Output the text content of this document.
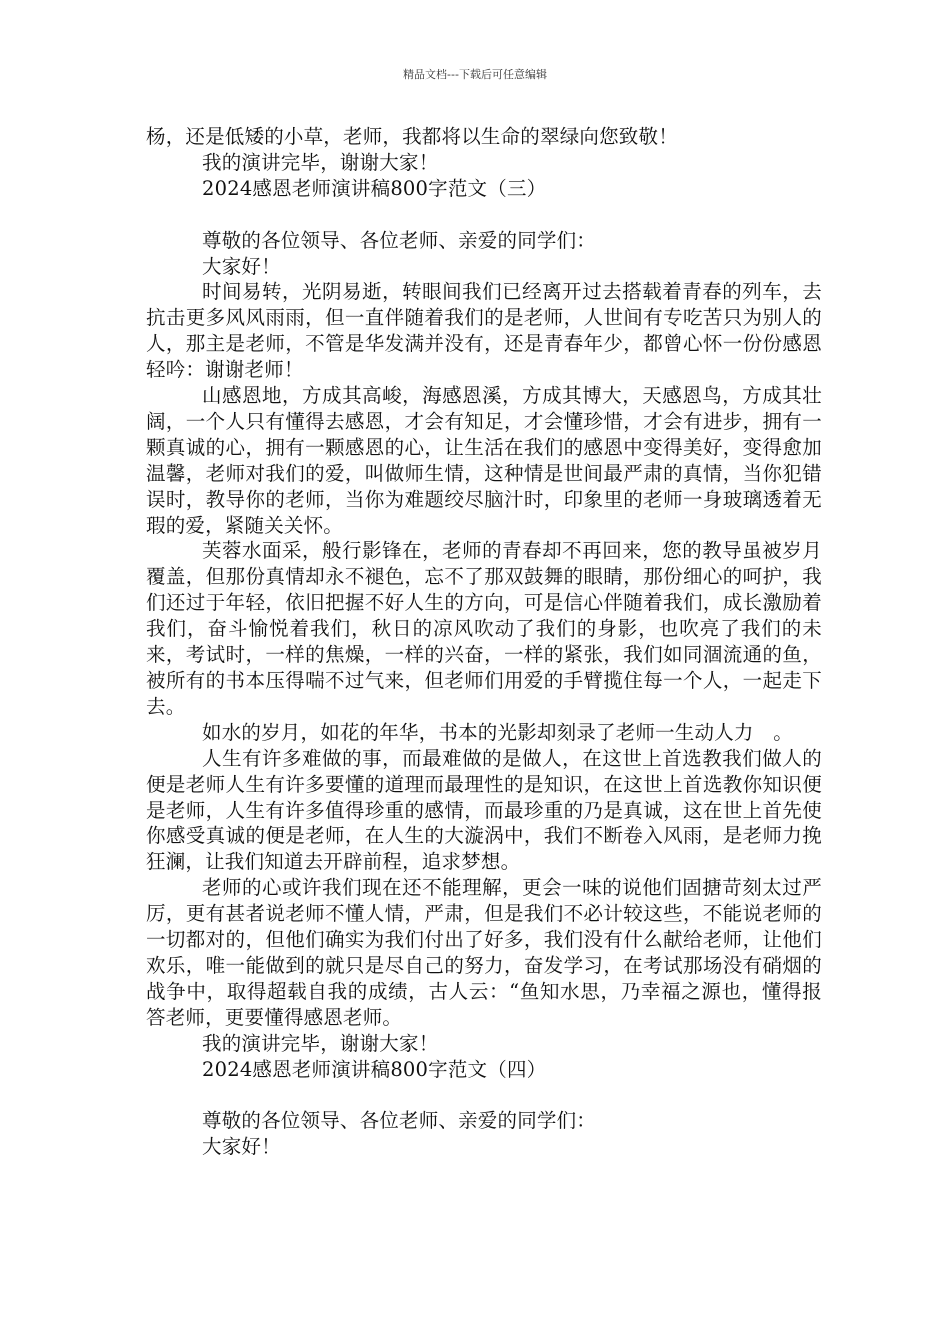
精品文档---下载后可任意编辑

杨，还是低矮的小草，老师，我都将以生命的翠绿向您致敬！

我的演讲完毕，谢谢大家！

2024感恩老师演讲稿800字范文（三）

尊敬的各位领导、各位老师、亲爱的同学们：

大家好！

时间易转，光阴易逝，转眼间我们已经离开过去搭载着青春的列车，去抗击更多风风雨雨，但一直伴随着我们的是老师，人世间有专吃苦只为别人的人，那主是老师，不管是华发满并没有，还是青春年少，都曾心怀一份份感恩轻吟：谢谢老师！

山感恩地，方成其高峻，海感恩溪，方成其博大，天感恩鸟，方成其壮阔，一个人只有懂得去感恩，才会有知足，才会懂珍惜，才会有进步，拥有一颗真诚的心，拥有一颗感恩的心，让生活在我们的感恩中变得美好，变得愈加温馨，老师对我们的爱，叫做师生情，这种情是世间最严肃的真情，当你犯错误时，教导你的老师，当你为难题绞尽脑汁时，印象里的老师一身玻璃透着无瑕的爱，紧随关关怀。

芙蓉水面采，般行影锋在，老师的青春却不再回来，您的教导虽被岁月覆盖，但那份真情却永不褪色，忘不了那双鼓舞的眼睛，那份细心的呵护，我们还过于年轻，依旧把握不好人生的方向，可是信心伴随着我们，成长激励着我们，奋斗愉悦着我们，秋日的凉风吹动了我们的身影，也吹亮了我们的未来，考试时，一样的焦燥，一样的兴奋，一样的紧张，我们如同涸流通的鱼，被所有的书本压得喘不过气来，但老师们用爱的手臂揽住每一个人，一起走下去。

如水的岁月，如花的年华，书本的光影却刻录了老师一生动人力　。

人生有许多难做的事，而最难做的是做人，在这世上首选教我们做人的便是老师人生有许多要懂的道理而最理性的是知识，在这世上首选教你知识便是老师，人生有许多值得珍重的感情，而最珍重的乃是真诚，这在世上首先使你感受真诚的便是老师，在人生的大漩涡中，我们不断卷入风雨，是老师力挽狂澜，让我们知道去开辟前程，追求梦想。

老师的心或许我们现在还不能理解，更会一味的说他们固搪苛刻太过严厉，更有甚者说老师不懂人情，严肃，但是我们不必计较这些，不能说老师的一切都对的，但他们确实为我们付出了好多，我们没有什么献给老师，让他们欢乐，唯一能做到的就只是尽自己的努力，奋发学习，在考试那场没有硝烟的战争中，取得超载自我的成绩，古人云：“鱼知水思，乃幸福之源也，懂得报答老师，更要懂得感恩老师。

我的演讲完毕，谢谢大家！

2024感恩老师演讲稿800字范文（四）

尊敬的各位领导、各位老师、亲爱的同学们：

大家好！
